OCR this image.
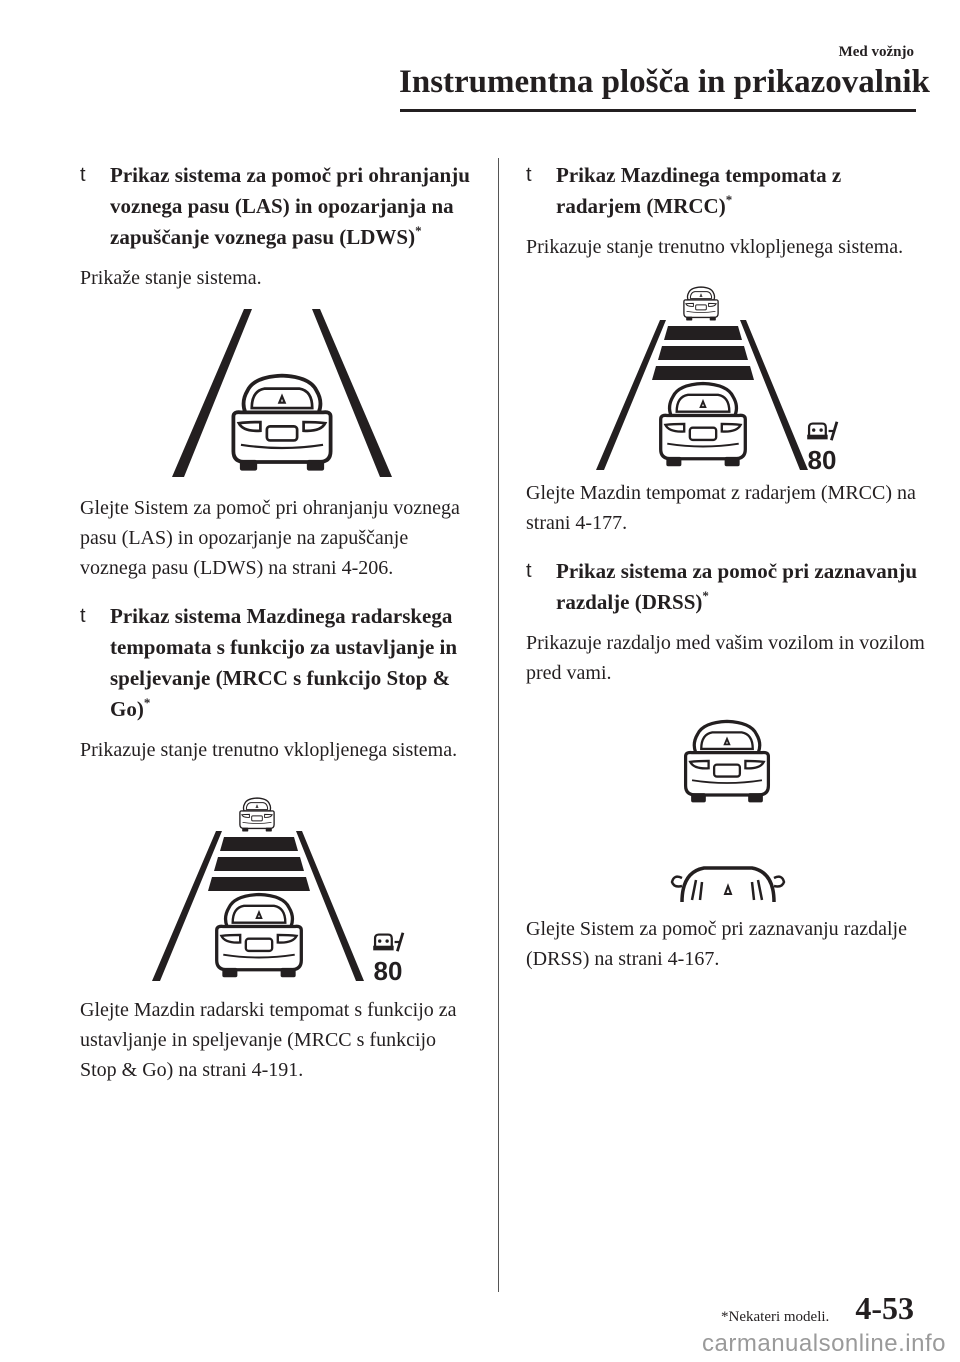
Med vožnjo
Instrumentna plošča in prikazovalnik
t Prikaz sistema za pomoč pri ohranjanju voznega pasu (LAS) in opozarjanja na zapuščanje voznega pasu (LDWS)*
Prikaže stanje sistema.
Glejte Sistem za pomoč pri ohranjanju voznega pasu (LAS) in opozarjanje na zapuščanje voznega pasu (LDWS) na strani 4-206.
t Prikaz sistema Mazdinega radarskega tempomata s funkcijo za ustavljanje in speljevanje (MRCC s funkcijo Stop & Go)*
Prikazuje stanje trenutno vklopljenega sistema.
80
Glejte Mazdin radarski tempomat s funkcijo za ustavljanje in speljevanje (MRCC s funkcijo Stop & Go) na strani 4-191.
t Prikaz Mazdinega tempomata z radarjem (MRCC)*
Prikazuje stanje trenutno vklopljenega sistema.
80
Glejte Mazdin tempomat z radarjem (MRCC) na strani 4-177.
t Prikaz sistema za pomoč pri zaznavanju razdalje (DRSS)*
Prikazuje razdaljo med vašim vozilom in vozilom pred vami.
Glejte Sistem za pomoč pri zaznavanju razdalje (DRSS) na strani 4-167.
*Nekateri modeli. 4-53
carmanualsonline.info
